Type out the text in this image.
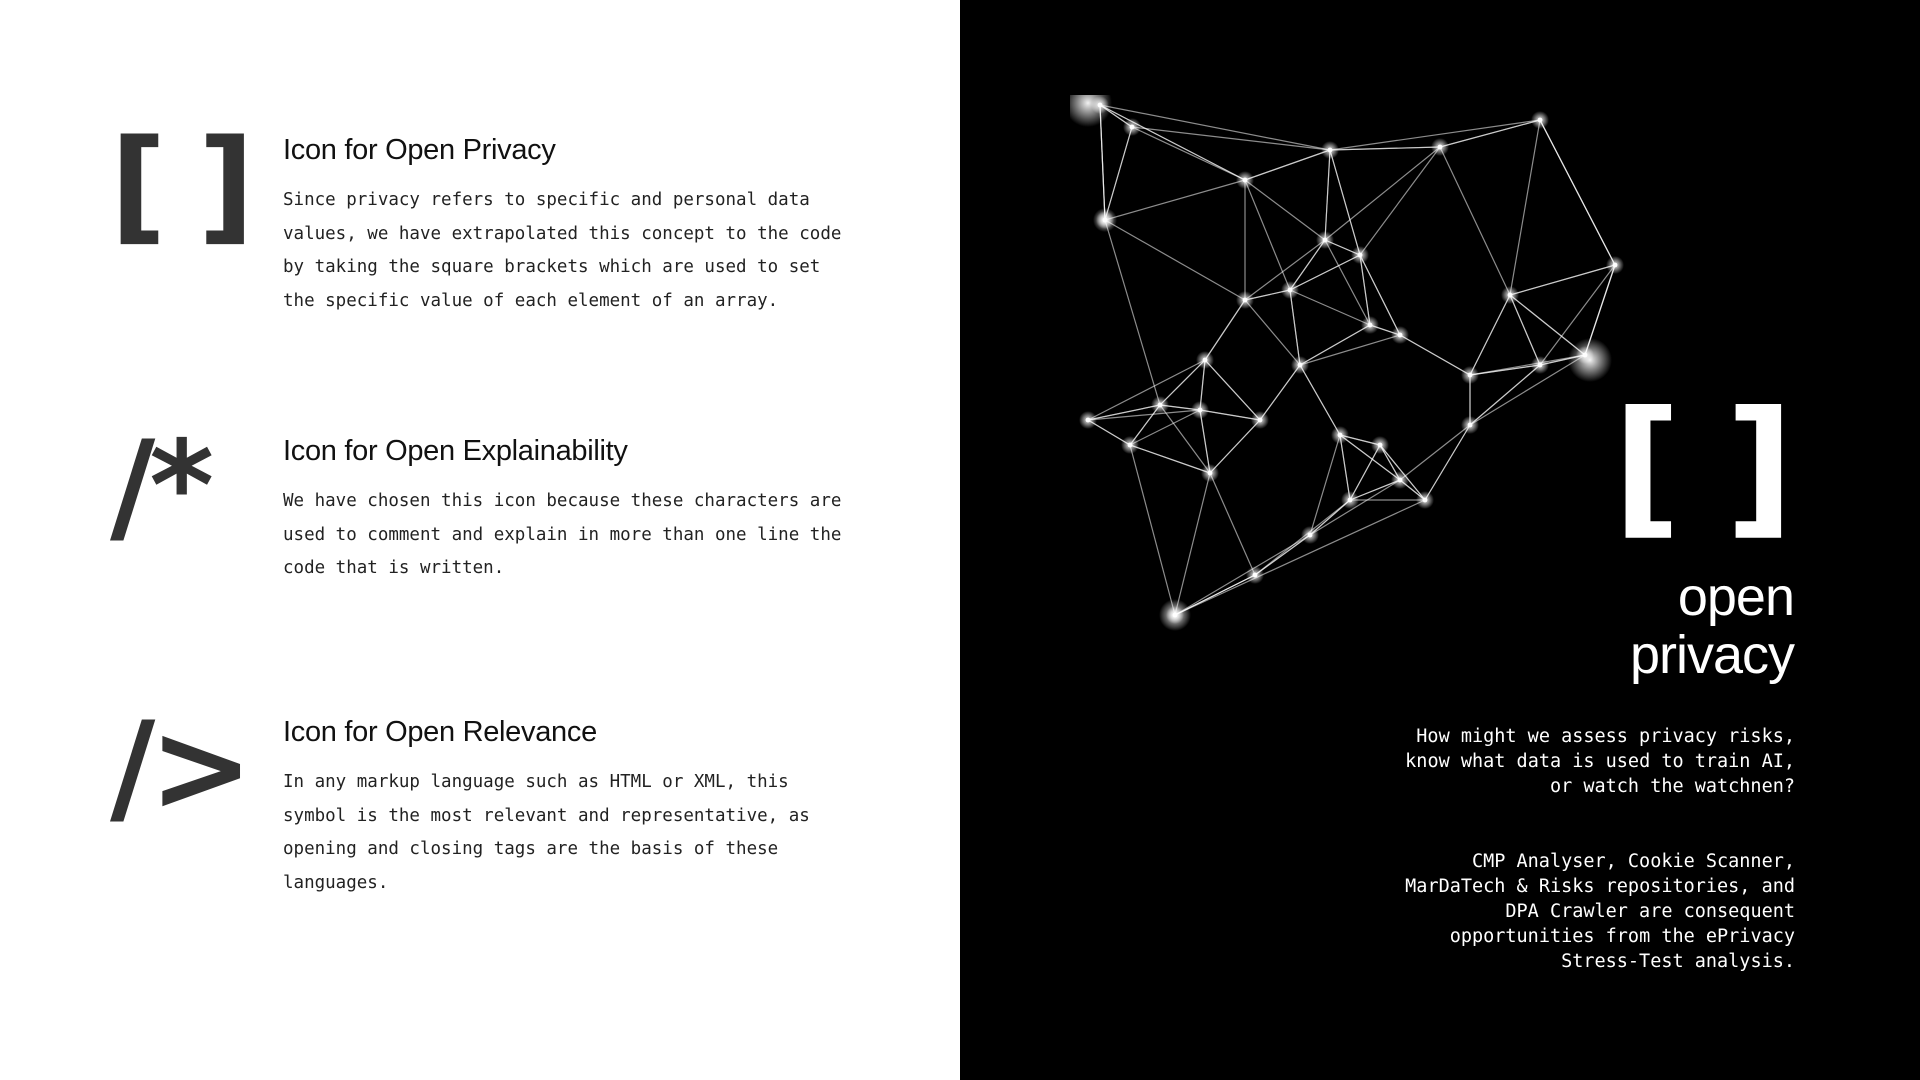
[ ] Icon for Open Privacy

Since privacy refers to specific and personal data values, we have extrapolated this concept to the code by taking the square brackets which are used to set the specific value of each element of an array.

/*	Icon for Open Explainability

We have chosen this icon because these characters are used to comment and explain in more than one line the code that is written.

/> Icon for Open Relevance

In any markup language such as HTML or XML, this symbol is the most relevant and representative, as opening and closing tags are the basis of these languages.

[ ]
open
privacy

How might we assess privacy risks, know what data is used to train AI, or watch the watchnen?

CMP Analyser, Cookie Scanner, MarDaTech & Risks repositories, and DPA Crawler are consequent opportunities from the ePrivacy Stress-Test analysis.
